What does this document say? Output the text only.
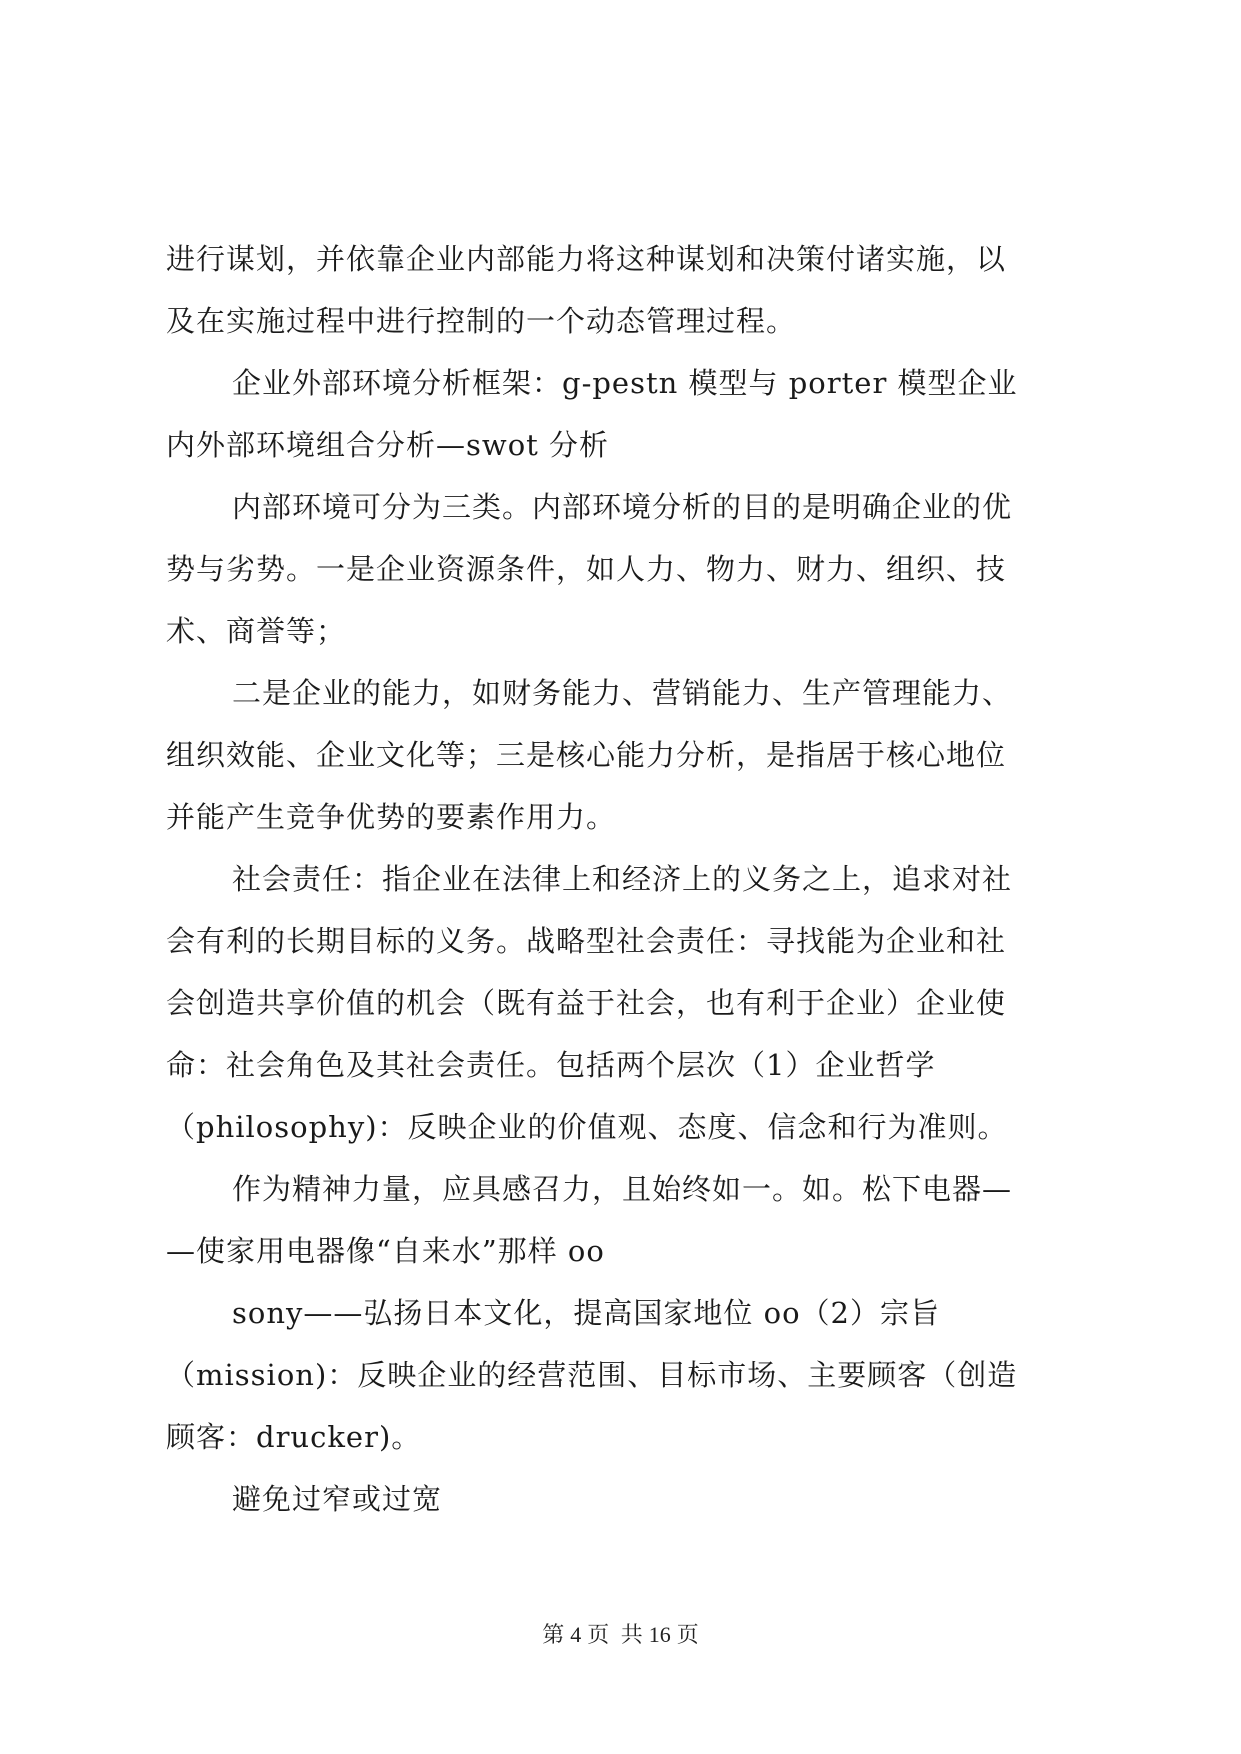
进行谋划，并依靠企业内部能力将这种谋划和决策付诸实施，以
及在实施过程中进行控制的一个动态管理过程。
企业外部环境分析框架：g-pestn 模型与 porter 模型企业
内外部环境组合分析—swot 分析
内部环境可分为三类。内部环境分析的目的是明确企业的优
势与劣势。一是企业资源条件，如人力、物力、财力、组织、技
术、商誉等；
二是企业的能力，如财务能力、营销能力、生产管理能力、
组织效能、企业文化等；三是核心能力分析，是指居于核心地位
并能产生竞争优势的要素作用力。
社会责任：指企业在法律上和经济上的义务之上，追求对社
会有利的长期目标的义务。战略型社会责任：寻找能为企业和社
会创造共享价值的机会（既有益于社会，也有利于企业）企业使
命：社会角色及其社会责任。包括两个层次（1）企业哲学
（philosophy)：反映企业的价值观、态度、信念和行为准则。
作为精神力量，应具感召力，且始终如一。如。松下电器—
—使家用电器像“自来水”那样 oo
sony——弘扬日本文化，提高国家地位 oo（2）宗旨
（mission)：反映企业的经营范围、目标市场、主要顾客（创造
顾客：drucker)。
避免过窄或过宽
第 4 页 共 16 页
